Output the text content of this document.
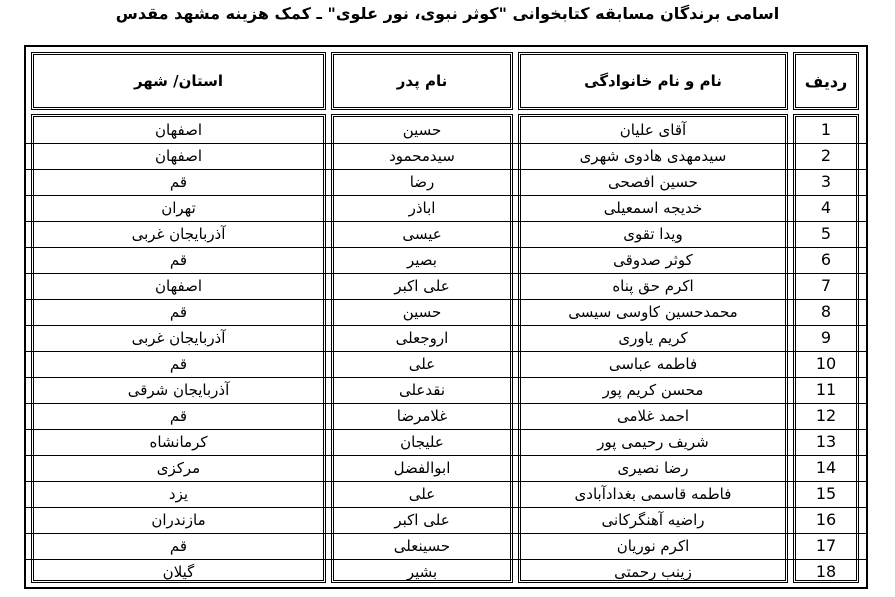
اسامی برندگان مسابقه کتابخوانی "کوثر نبوی، نور علوی" ـ کمک هزینه مشهد مقدس
استان/ شهر	نام پدر	نام و نام خانوادگی	ردیف
اصفهان	حسین	آقای علیان	1
اصفهان	سیدمحمود	سیدمهدی هادوی شهری	2
قم	رضا	حسین افصحی	3
تهران	اباذر	خدیجه اسمعیلی	4
آذربایجان غربی	عیسی	ویدا تقوی	5
قم	بصیر	کوثر صدوقی	6
اصفهان	علی اکبر	اکرم حق پناه	7
قم	حسین	محمدحسین کاوسی سیسی	8
آذربایجان غربی	اروجعلی	کریم یاوری	9
قم	علی	فاطمه عباسی	10
آذربایجان شرقی	نقدعلی	محسن کریم پور	11
قم	غلامرضا	احمد غلامی	12
کرمانشاه	علیجان	شریف رحیمی پور	13
مرکزی	ابوالفضل	رضا نصیری	14
یزد	علی	فاطمه قاسمی بغدادآبادی	15
مازندران	علی اکبر	راضیه آهنگرکانی	16
قم	حسینعلی	اکرم نوریان	17
گیلان	بشیر	زینب رحمتی	18
